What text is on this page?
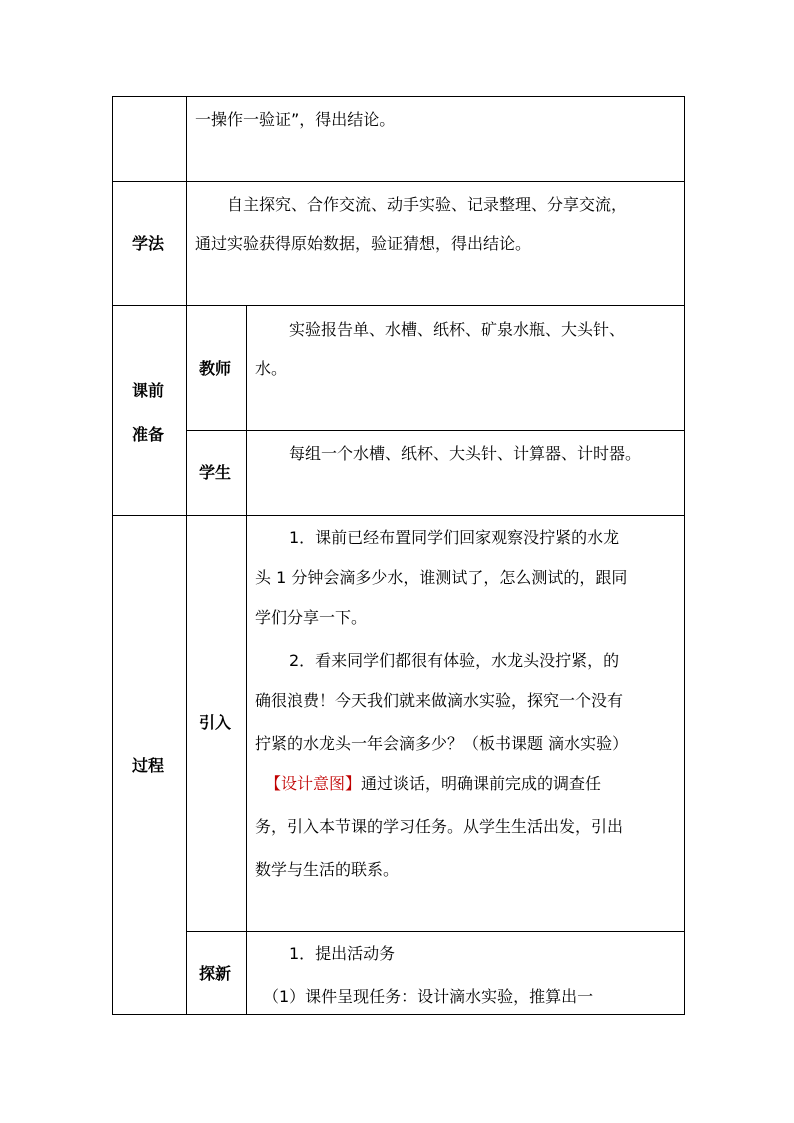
一操作一验证”，得出结论。
学法
自主探究、合作交流、动手实验、记录整理、分享交流，
通过实验获得原始数据，验证猜想，得出结论。
课前
准备
教师
实验报告单、水槽、纸杯、矿泉水瓶、大头针、
水。
学生
每组一个水槽、纸杯、大头针、计算器、计时器。
过程
引入
1．课前已经布置同学们回家观察没拧紧的水龙
头 1 分钟会滴多少水，谁测试了，怎么测试的，跟同
学们分享一下。
2．看来同学们都很有体验，水龙头没拧紧，的
确很浪费！今天我们就来做滴水实验，探究一个没有
拧紧的水龙头一年会滴多少？（板书课题 滴水实验）
【设计意图】通过谈话，明确课前完成的调查任
务，引入本节课的学习任务。从学生生活出发，引出
数学与生活的联系。
探新
1．提出活动务
（1）课件呈现任务：设计滴水实验，推算出一
